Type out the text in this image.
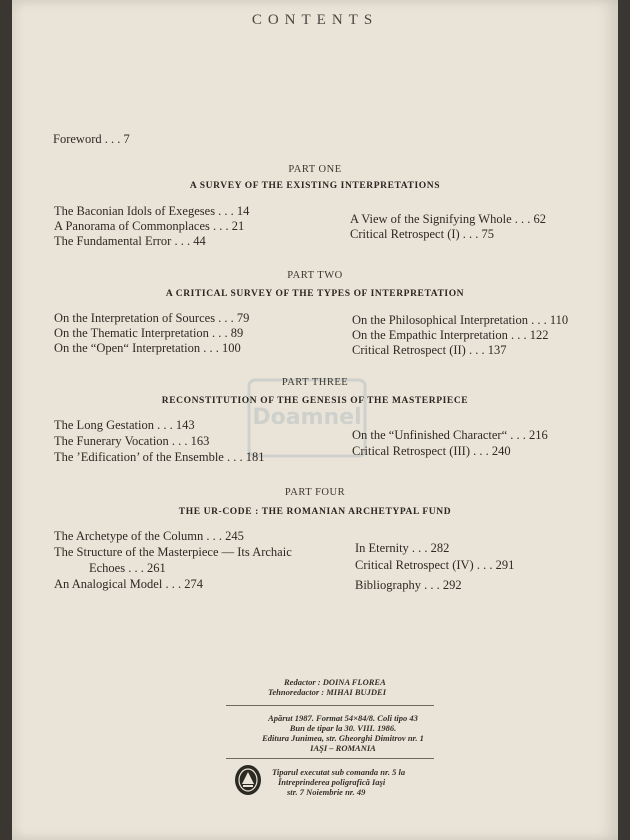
CONTENTS
Foreword . . . 7
PART ONE
A SURVEY OF THE EXISTING INTERPRETATIONS
The Baconian Idols of Exegeses . . . 14
A Panorama of Commonplaces . . . 21
The Fundamental Error . . . 44
A View of the Signifying Whole . . . 62
Critical Retrospect (I) . . . 75
PART TWO
A CRITICAL SURVEY OF THE TYPES OF INTERPRETATION
On the Interpretation of Sources . . . 79
On the Thematic Interpretation . . . 89
On the “Open“ Interpretation . . . 100
On the Philosophical Interpretation . . . 110
On the Empathic Interpretation . . . 122
Critical Retrospect (II) . . . 137
Doamnel
PART THREE
RECONSTITUTION OF THE GENESIS OF THE MASTERPIECE
The Long Gestation . . . 143
The Funerary Vocation . . . 163
The ’Edification’ of the Ensemble . . . 181
On the “Unfinished Character“ . . . 216
Critical Retrospect (III) . . . 240
PART FOUR
THE UR-CODE : THE ROMANIAN ARCHETYPAL FUND
The Archetype of the Column . . . 245
The Structure of the Masterpiece — Its Archaic
Echoes . . . 261
An Analogical Model . . . 274
In Eternity . . . 282
Critical Retrospect (IV) . . . 291
Bibliography . . . 292
Redactor : DOINA FLOREA
Tehnoredactor : MIHAI BUJDEI
Apărut 1987. Format 54×84/8. Coli tipo 43
Bun de tipar la 30. VIII. 1986.
Editura Junimea, str. Gheorghi Dimitrov nr. 1
IAŞI – ROMANIA
Tiparul executat sub comanda nr. 5 la
Întreprinderea poligrafică Iaşi
str. 7 Noiembrie nr. 49
